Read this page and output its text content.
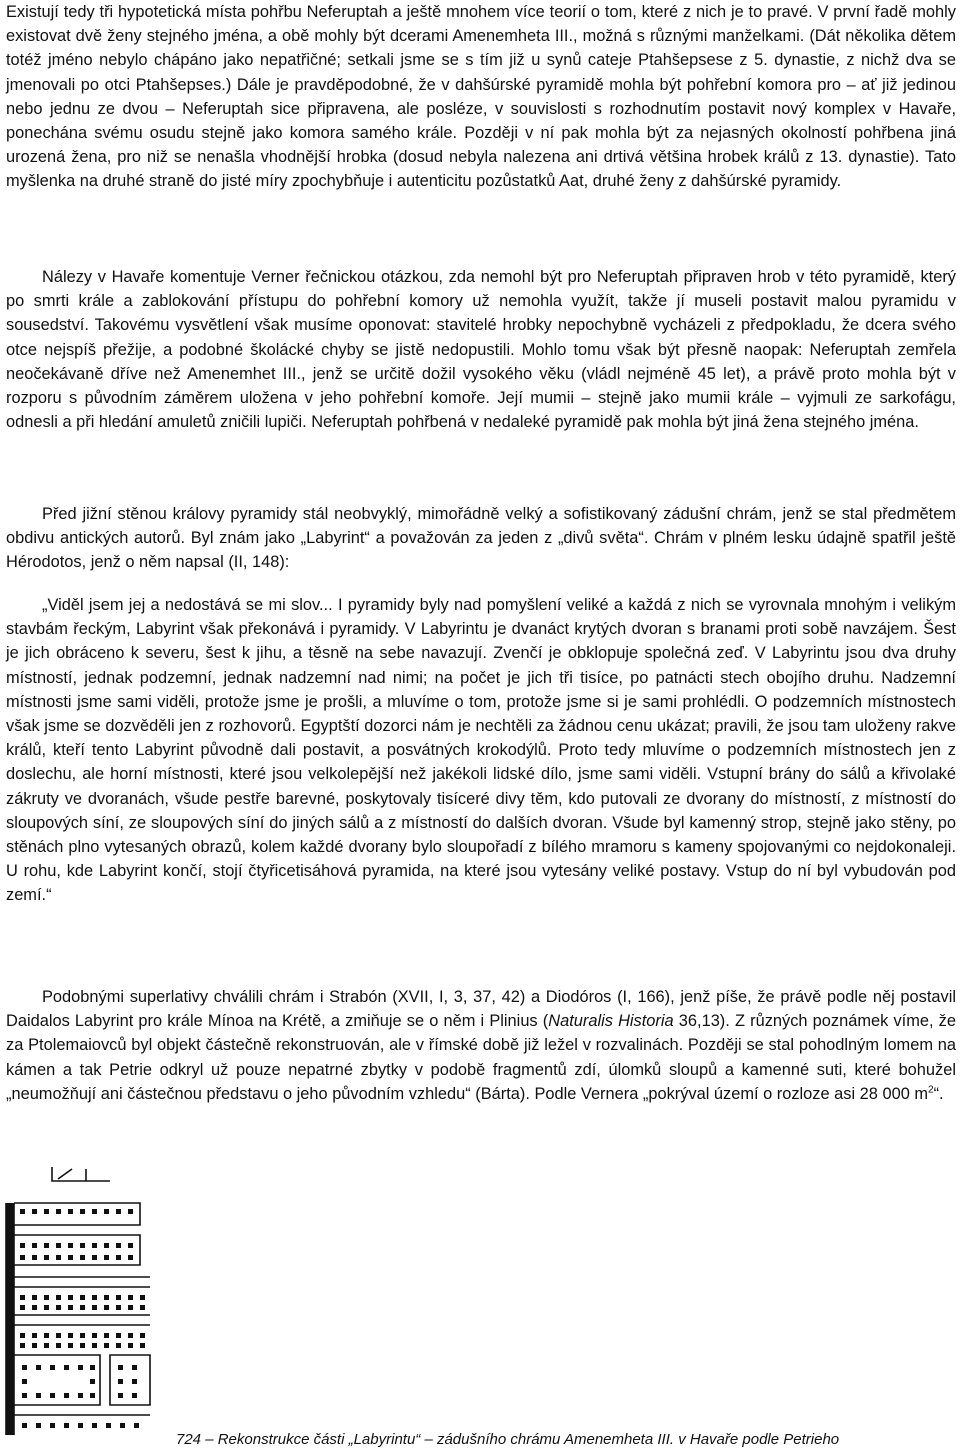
Existují tedy tři hypotetická místa pohřbu Neferuptah a ještě mnohem více teorií o tom, které z nich je to pravé. V první řadě mohly existovat dvě ženy stejného jména, a obě mohly být dcerami Amenemheta III., možná s různými manželkami. (Dát několika dětem totéž jméno nebylo chápáno jako nepatřičné; setkali jsme se s tím již u synů cateje Ptahšepsese z 5. dynastie, z nichž dva se jmenovali po otci Ptahšepses.) Dále je pravděpodobné, že v dahšúrské pyramidě mohla být pohřební komora pro – ať již jedinou nebo jednu ze dvou – Neferuptah sice připravena, ale posléze, v souvislosti s rozhodnutím postavit nový komplex v Havaře, ponechána svému osudu stejně jako komora samého krále. Později v ní pak mohla být za nejasných okolností pohřbena jiná urozená žena, pro niž se nenašla vhodnější hrobka (dosud nebyla nalezena ani drtivá většina hrobek králů z 13. dynastie). Tato myšlenka na druhé straně do jisté míry zpochybňuje i autenticitu pozůstatků Aat, druhé ženy z dahšúrské pyramidy.

Nálezy v Havaře komentuje Verner řečnickou otázkou, zda nemohl být pro Neferuptah připraven hrob v této pyramidě, který po smrti krále a zablokování přístupu do pohřební komory už nemohla využít, takže jí museli postavit malou pyramidu v sousedství. Takovému vysvětlení však musíme oponovat: stavitelé hrobky nepochybně vycházeli z předpokladu, že dcera svého otce nejspíš přežije, a podobné školácké chyby se jistě nedopustili. Mohlo tomu však být přesně naopak: Neferuptah zemřela neočekávaně dříve než Amenemhet III., jenž se určitě dožil vysokého věku (vládl nejméně 45 let), a právě proto mohla být v rozporu s původním záměrem uložena v jeho pohřební komoře. Její mumii – stejně jako mumii krále – vyjmuli ze sarkofágu, odnesli a při hledání amuletů zničili lupiči. Neferuptah pohřbená v nedaleké pyramidě pak mohla být jiná žena stejného jména.

Před jižní stěnou královy pyramidy stál neobvyklý, mimořádně velký a sofistikovaný zádušní chrám, jenž se stal předmětem obdivu antických autorů. Byl znám jako „Labyrint“ a považován za jeden z „divů světa“. Chrám v plném lesku údajně spatřil ještě Hérodotos, jenž o něm napsal (II, 148):

„Viděl jsem jej a nedostává se mi slov... I pyramidy byly nad pomyšlení veliké a každá z nich se vyrovnala mnohým i velikým stavbám řeckým, Labyrint však překonává i pyramidy. V Labyrintu je dvanáct krytých dvoran s branami proti sobě navzájem. Šest je jich obráceno k severu, šest k jihu, a těsně na sebe navazují. Zvenčí je obklopuje společná zeď. V Labyrintu jsou dva druhy místností, jednak podzemní, jednak nadzemní nad nimi; na počet je jich tři tisíce, po patnácti stech obojího druhu. Nadzemní místnosti jsme sami viděli, protože jsme je prošli, a mluvíme o tom, protože jsme si je sami prohlédli. O podzemních místnostech však jsme se dozvěděli jen z rozhovorů. Egyptští dozorci nám je nechtěli za žádnou cenu ukázat; pravili, že jsou tam uloženy rakve králů, kteří tento Labyrint původně dali postavit, a posvátných krokodýlů. Proto tedy mluvíme o podzemních místnostech jen z doslechu, ale horní místnosti, které jsou velkolepější než jakékoli lidské dílo, jsme sami viděli. Vstupní brány do sálů a křivolaké zákruty ve dvoranách, všude pestře barevné, poskytovaly tisíceré divy těm, kdo putovali ze dvorany do místností, z místností do sloupových síní, ze sloupových síní do jiných sálů a z místností do dalších dvoran. Všude byl kamenný strop, stejně jako stěny, po stěnách plno vytesaných obrazů, kolem každé dvorany bylo sloupořadí z bílého mramoru s kameny spojovanými co nejdokonaleji. U rohu, kde Labyrint končí, stojí čtyřicetisáhová pyramida, na které jsou vytesány veliké postavy. Vstup do ní byl vybudován pod zemí.“

Podobnými superlativy chválili chrám i Strabón (XVII, I, 3, 37, 42) a Diodóros (I, 166), jenž píše, že právě podle něj postavil Daidalos Labyrint pro krále Mínoa na Krétě, a zmiňuje se o něm i Plinius (Naturalis Historia 36,13). Z různých poznámek víme, že za Ptolemaiovců byl objekt částečně rekonstruován, ale v římské době již ležel v rozvalinách. Později se stal pohodlným lomem na kámen a tak Petrie odkryl už pouze nepatrné zbytky v podobě fragmentů zdí, úlomků sloupů a kamenné suti, které bohužel „neumožňují ani částečnou představu o jeho původním vzhledu“ (Bárta). Podle Vernera „pokrýval území o rozloze asi 28 000 $m^2“$.

724 – Rekonstrukce části „Labyrintu“ – zádušního chrámu Amenemheta III. v Havaře podle Petrieho
